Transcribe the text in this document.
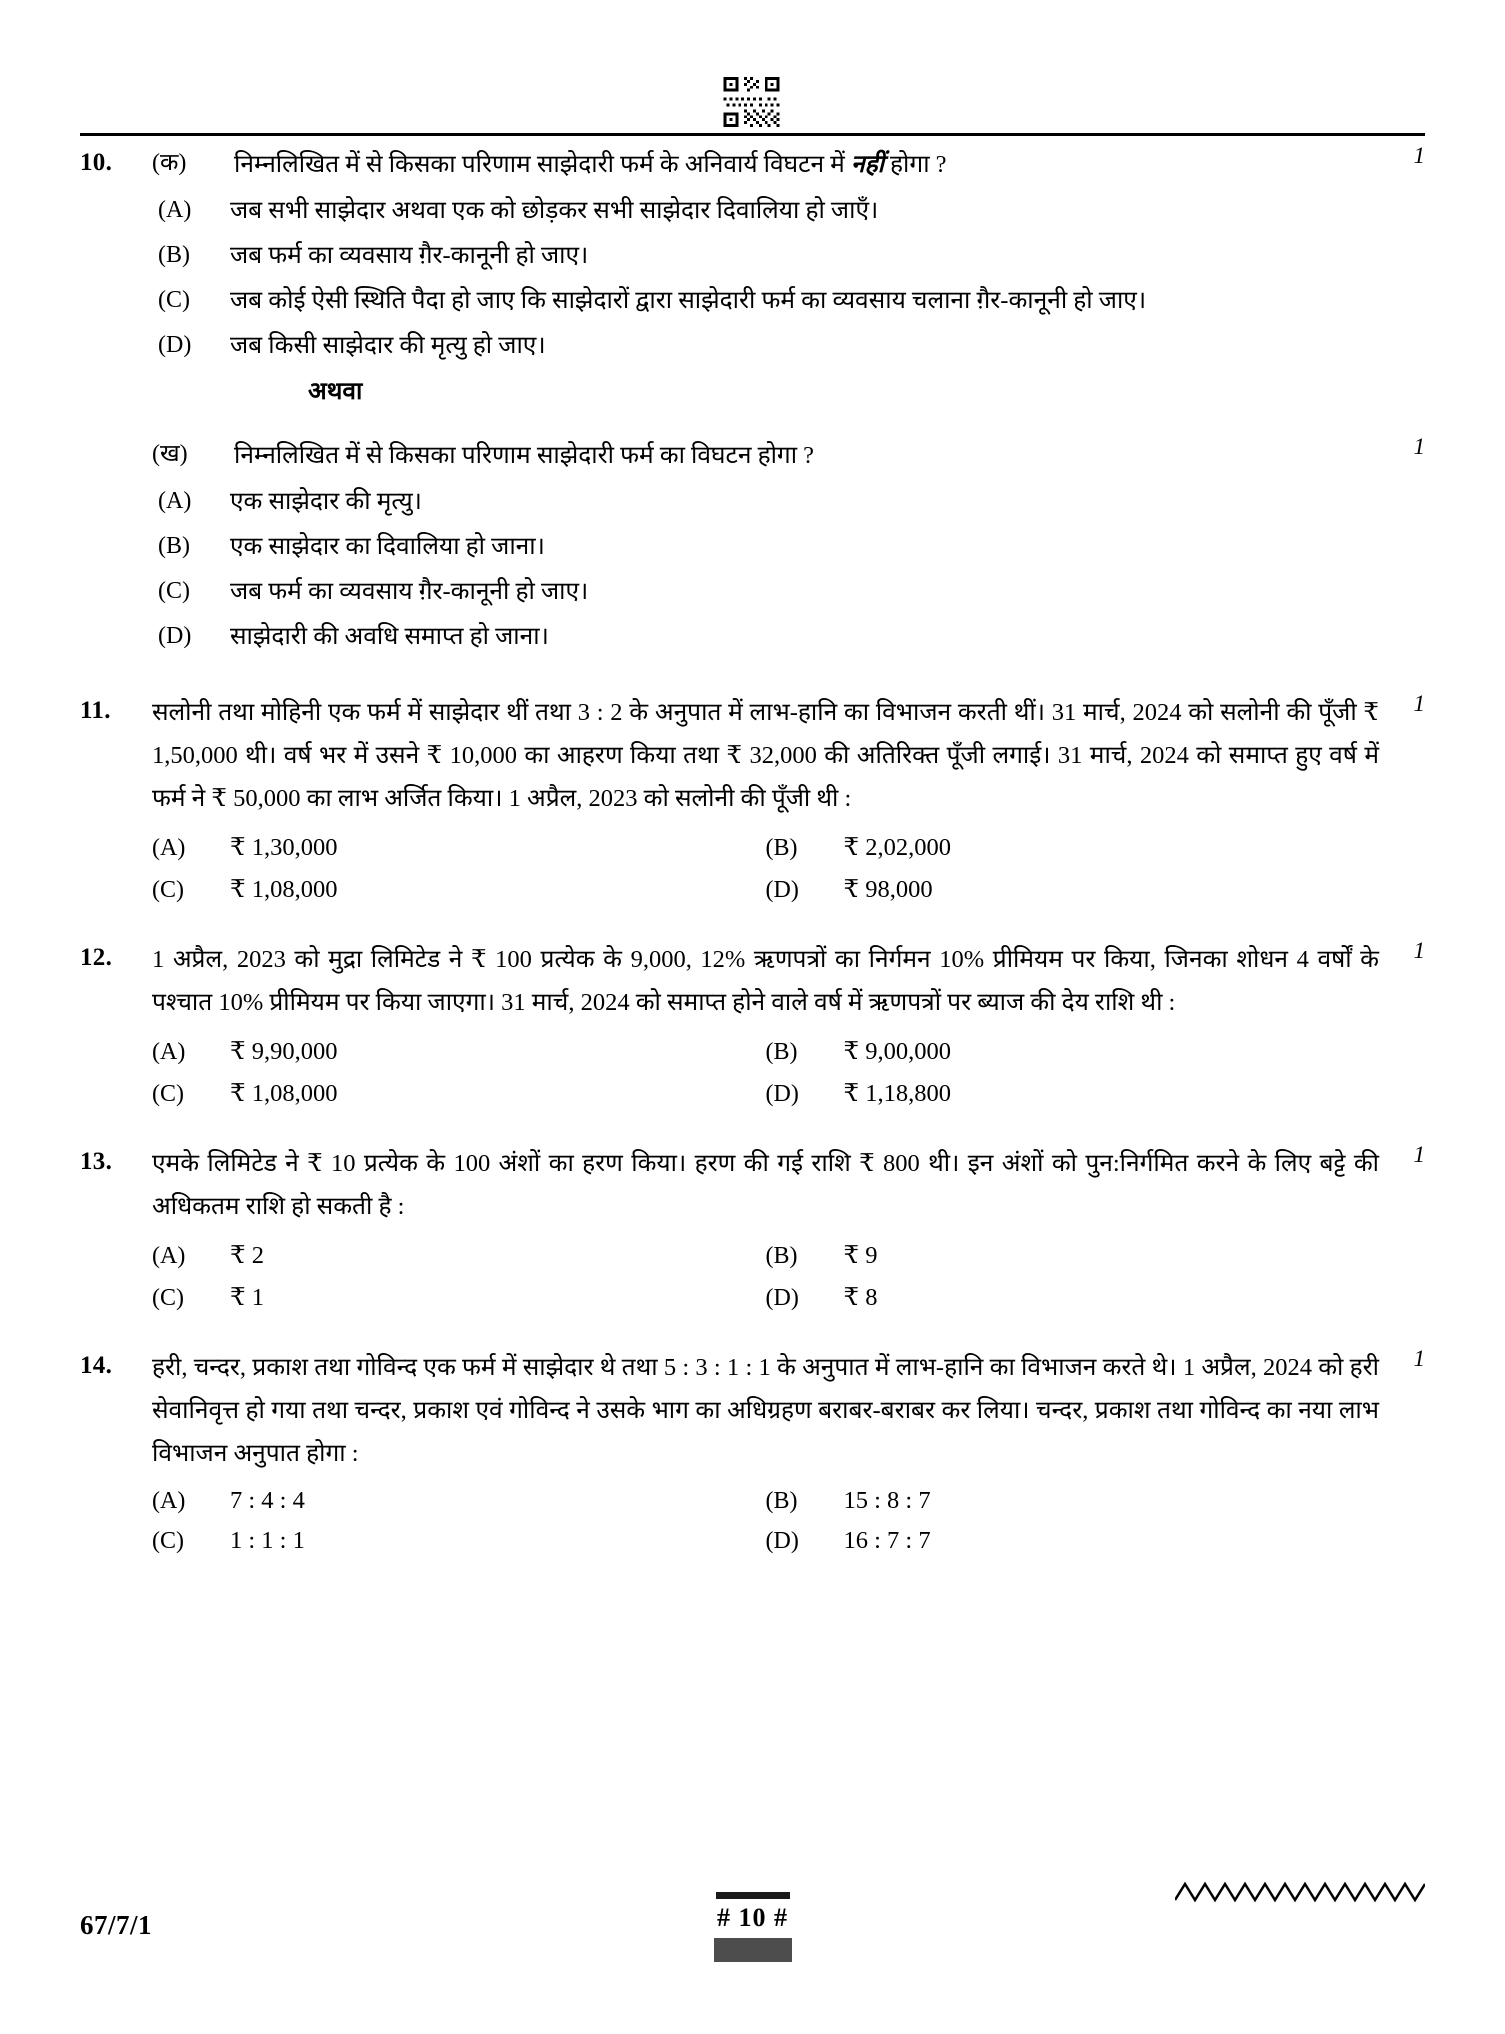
10.	(क)	निम्नलिखित में से किसका परिणाम साझेदारी फर्म के अनिवार्य विघटन में नहीं होगा ?	1
(A)	जब सभी साझेदार अथवा एक को छोड़कर सभी साझेदार दिवालिया हो जाएँ।
(B)	जब फर्म का व्यवसाय ग़ैर-कानूनी हो जाए।
(C)	जब कोई ऐसी स्थिति पैदा हो जाए कि साझेदारों द्वारा साझेदारी फर्म का व्यवसाय चलाना ग़ैर-कानूनी हो जाए।
(D)	जब किसी साझेदार की मृत्यु हो जाए।
अथवा
(ख)	निम्नलिखित में से किसका परिणाम साझेदारी फर्म का विघटन होगा ?	1
(A)	एक साझेदार की मृत्यु।
(B)	एक साझेदार का दिवालिया हो जाना।
(C)	जब फर्म का व्यवसाय ग़ैर-कानूनी हो जाए।
(D)	साझेदारी की अवधि समाप्त हो जाना।
11.	सलोनी तथा मोहिनी एक फर्म में साझेदार थीं तथा 3 : 2 के अनुपात में लाभ-हानि का विभाजन करती थीं। 31 मार्च, 2024 को सलोनी की पूँजी ₹ 1,50,000 थी। वर्ष भर में उसने ₹ 10,000 का आहरण किया तथा ₹ 32,000 की अतिरिक्त पूँजी लगाई। 31 मार्च, 2024 को समाप्त हुए वर्ष में फर्म ने ₹ 50,000 का लाभ अर्जित किया। 1 अप्रैल, 2023 को सलोनी की पूँजी थी :
1
(A)	₹ 1,30,000	(B)	₹ 2,02,000
(C)	₹ 1,08,000	(D)	₹ 98,000
12.	1 अप्रैल, 2023 को मुद्रा लिमिटेड ने ₹ 100 प्रत्येक के 9,000, 12% ऋणपत्रों का निर्गमन 10% प्रीमियम पर किया, जिनका शोधन 4 वर्षों के पश्चात 10% प्रीमियम पर किया जाएगा। 31 मार्च, 2024 को समाप्त होने वाले वर्ष में ऋणपत्रों पर ब्याज की देय राशि थी :
1
(A)	₹ 9,90,000	(B)	₹ 9,00,000
(C)	₹ 1,08,000	(D)	₹ 1,18,800
13.	एमके लिमिटेड ने ₹ 10 प्रत्येक के 100 अंशों का हरण किया। हरण की गई राशि ₹ 800 थी। इन अंशों को पुन:निर्गमित करने के लिए बट्टे की अधिकतम राशि हो सकती है :
1
(A)	₹ 2	(B)	₹ 9
(C)	₹ 1	(D)	₹ 8
14.	हरी, चन्दर, प्रकाश तथा गोविन्द एक फर्म में साझेदार थे तथा 5 : 3 : 1 : 1 के अनुपात में लाभ-हानि का विभाजन करते थे। 1 अप्रैल, 2024 को हरी सेवानिवृत्त हो गया तथा चन्दर, प्रकाश एवं गोविन्द ने उसके भाग का अधिग्रहण बराबर-बराबर कर लिया। चन्दर, प्रकाश तथा गोविन्द का नया लाभ विभाजन अनुपात होगा :
1
(A)	7 : 4 : 4	(B)	15 : 8 : 7
(C)	1 : 1 : 1	(D)	16 : 7 : 7
67/7/1	# 10 #
